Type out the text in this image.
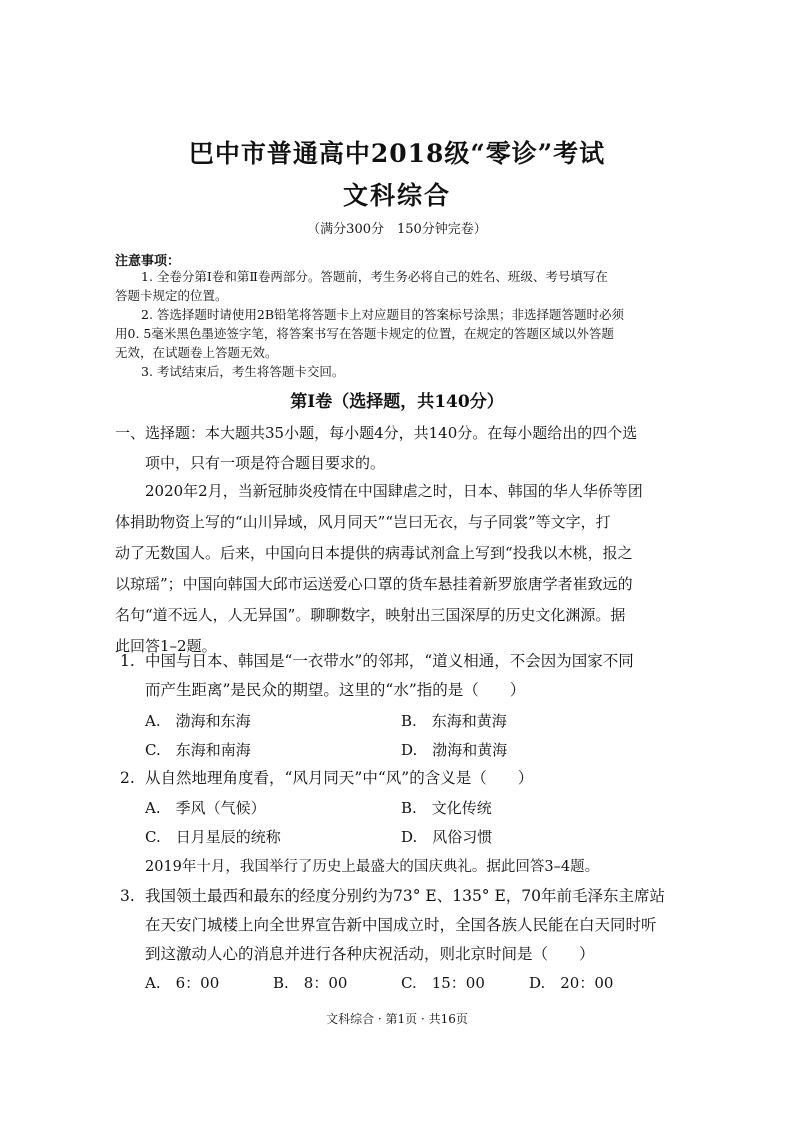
巴中市普通高中2018级“零诊”考试
文科综合
（满分300分　150分钟完卷）
注意事项：
1. 全卷分第Ⅰ卷和第Ⅱ卷两部分。答题前，考生务必将自己的姓名、班级、考号填写在
答题卡规定的位置。
2. 答选择题时请使用2B铅笔将答题卡上对应题目的答案标号涂黑；非选择题答题时必须
用0. 5毫米黑色墨迹签字笔，将答案书写在答题卡规定的位置，在规定的答题区域以外答题
无效，在试题卷上答题无效。
3. 考试结束后，考生将答题卡交回。
第Ⅰ卷（选择题，共140分）
一、选择题：本大题共35小题，每小题4分，共140分。在每小题给出的四个选
项中，只有一项是符合题目要求的。
　　2020年2月，当新冠肺炎疫情在中国肆虐之时，日本、韩国的华人华侨等团
体捐助物资上写的“山川异域，风月同天”“岂曰无衣，与子同裳”等文字，打
动了无数国人。后来，中国向日本提供的病毒试剂盒上写到“投我以木桃，报之
以琼瑶”；中国向韩国大邱市运送爱心口罩的货车悬挂着新罗旅唐学者崔致远的
名句“道不远人，人无异国”。聊聊数字，映射出三国深厚的历史文化渊源。据
此回答1–2题。
1. 中国与日本、韩国是“一衣带水”的邻邦，“道义相通，不会因为国家不同
而产生距离”是民众的期望。这里的“水”指的是（　　）
A.　渤海和东海	B.　东海和黄海
C.　东海和南海	D.　渤海和黄海
2. 从自然地理角度看，“风月同天”中“风”的含义是（　　）
A.　季风（气候）	B.　文化传统
C.　日月星辰的统称	D.　风俗习惯
2019年十月，我国举行了历史上最盛大的国庆典礼。据此回答3–4题。
3. 我国领土最西和最东的经度分别约为73° E、135° E，70年前毛泽东主席站
在天安门城楼上向全世界宣告新中国成立时，全国各族人民能在白天同时听
到这激动人心的消息并进行各种庆祝活动，则北京时间是（　　）
A.　6：00	B.　8：00	C.　15：00	D.　20：00
文科综合 · 第1页 · 共16页
